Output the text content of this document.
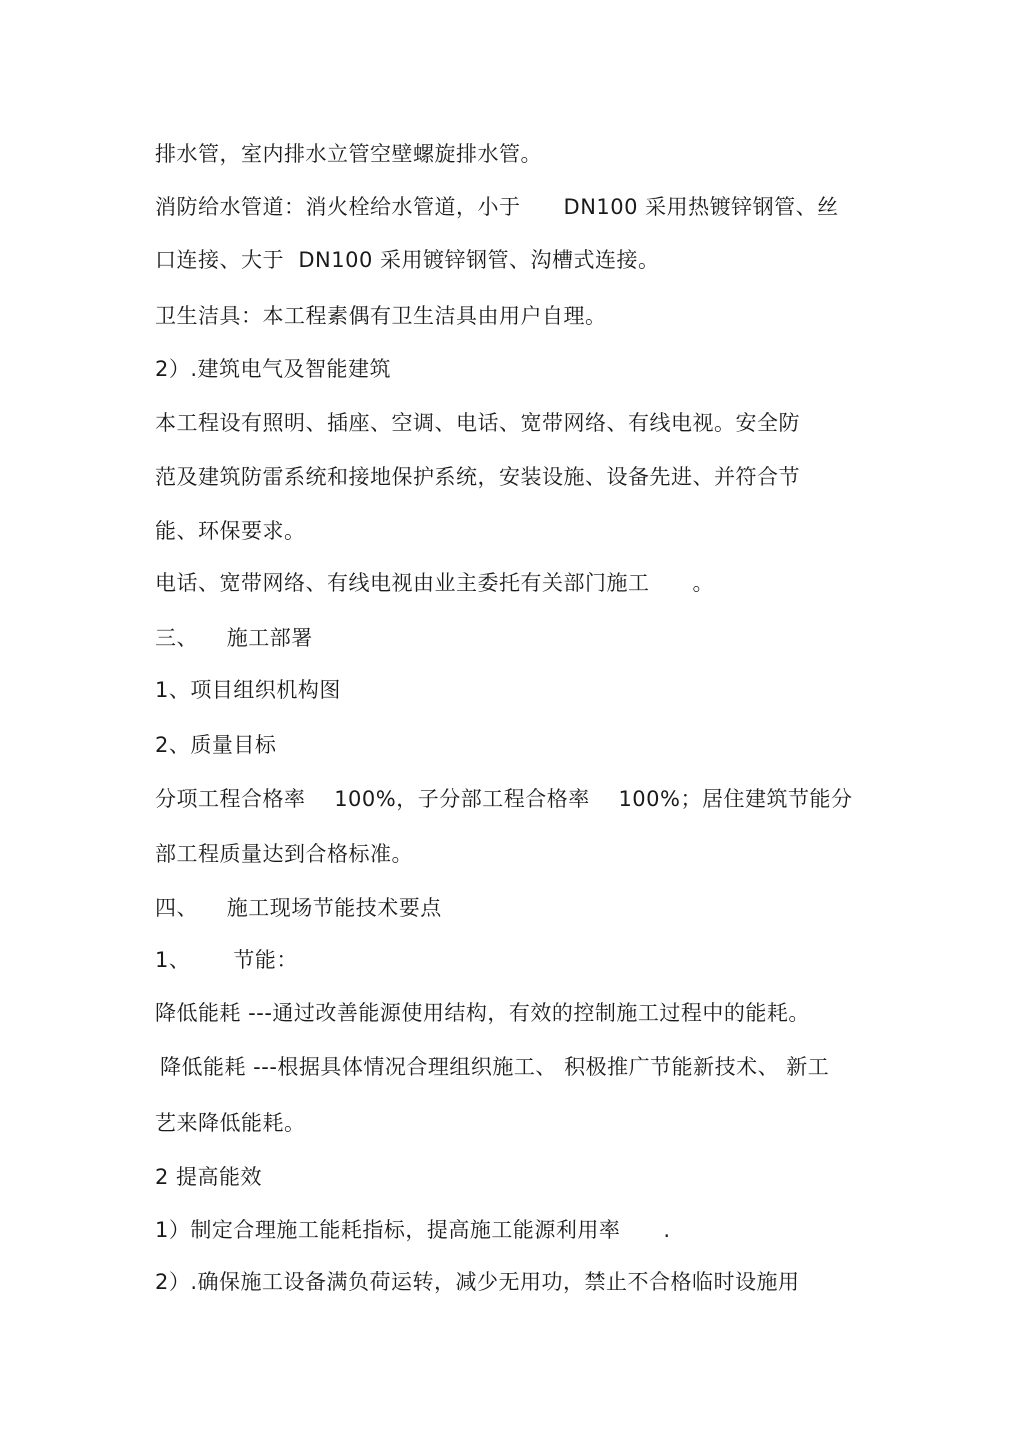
排水管，室内排水立管空壁螺旋排水管。
消防给水管道：消火栓给水管道，小于      DN100 采用热镀锌钢管、丝
口连接、大于  DN100 采用镀锌钢管、沟槽式连接。
卫生洁具：本工程素偶有卫生洁具由用户自理。
2）.建筑电气及智能建筑
本工程设有照明、插座、空调、电话、宽带网络、有线电视。安全防
范及建筑防雷系统和接地保护系统，安装设施、设备先进、并符合节
能、环保要求。
电话、宽带网络、有线电视由业主委托有关部门施工      。
三、    施工部署
1、项目组织机构图
2、质量目标
分项工程合格率    100%，子分部工程合格率    100%；居住建筑节能分
部工程质量达到合格标准。
四、    施工现场节能技术要点
1、      节能：
降低能耗 ---通过改善能源使用结构，有效的控制施工过程中的能耗。
降低能耗 ---根据具体情况合理组织施工、 积极推广节能新技术、 新工
艺来降低能耗。
2 提高能效
1）制定合理施工能耗指标，提高施工能源利用率      .
2）.确保施工设备满负荷运转，减少无用功，禁止不合格临时设施用
